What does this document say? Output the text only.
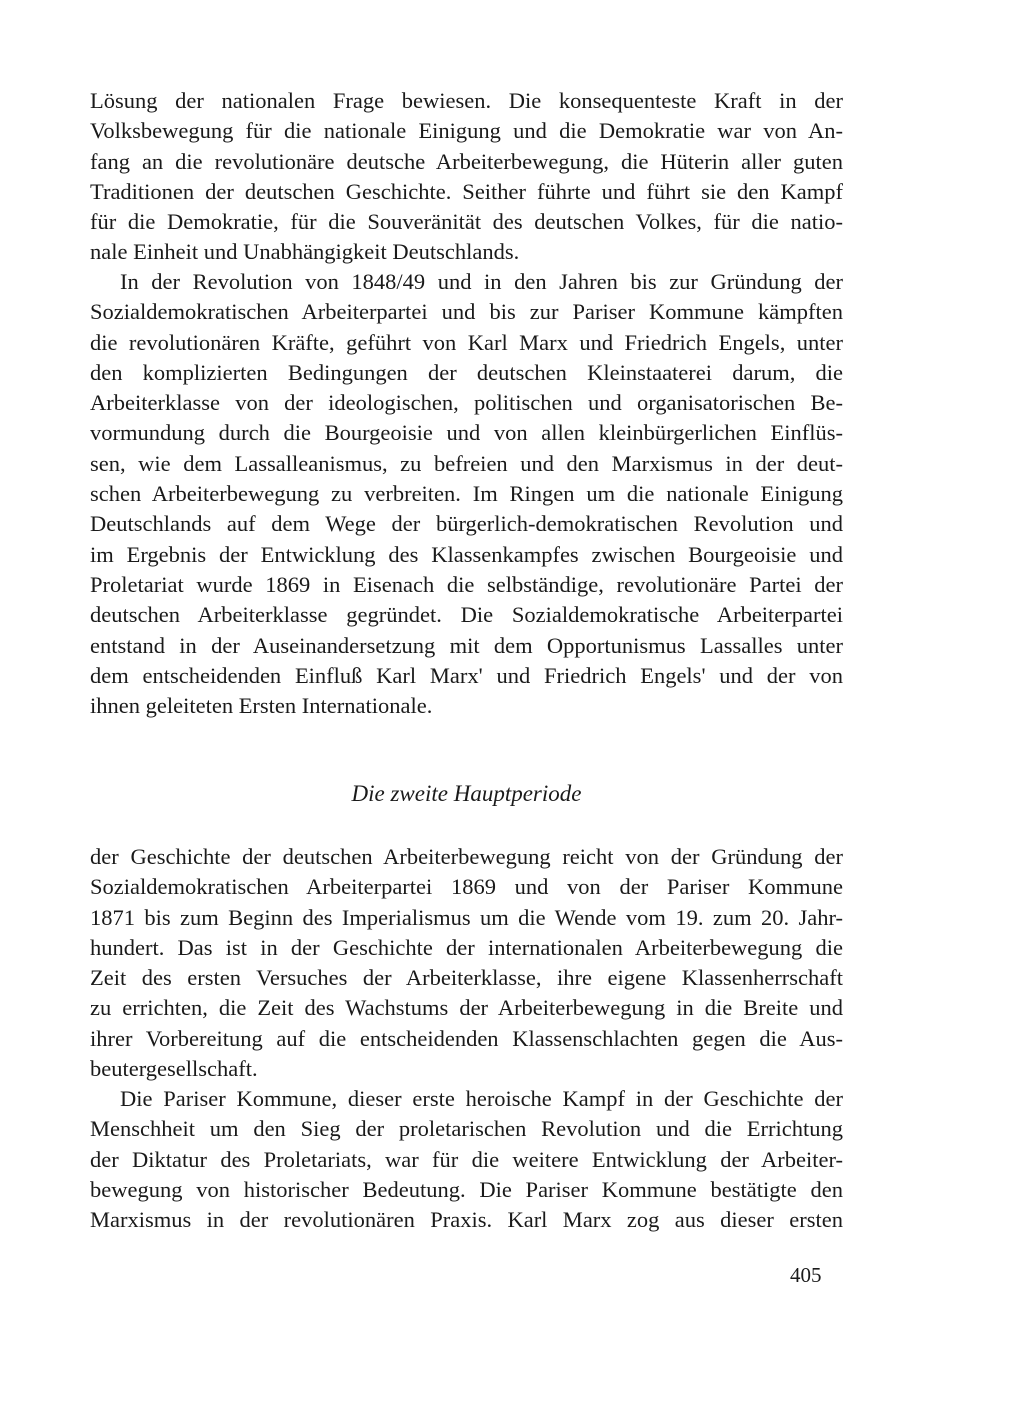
Lösung der nationalen Frage bewiesen. Die konsequenteste Kraft in der
Volksbewegung für die nationale Einigung und die Demokratie war von An-
fang an die revolutionäre deutsche Arbeiterbewegung, die Hüterin aller guten
Traditionen der deutschen Geschichte. Seither führte und führt sie den Kampf
für die Demokratie, für die Souveränität des deutschen Volkes, für die natio-
nale Einheit und Unabhängigkeit Deutschlands.
In der Revolution von 1848/49 und in den Jahren bis zur Gründung der
Sozialdemokratischen Arbeiterpartei und bis zur Pariser Kommune kämpften
die revolutionären Kräfte, geführt von Karl Marx und Friedrich Engels, unter
den komplizierten Bedingungen der deutschen Kleinstaaterei darum, die
Arbeiterklasse von der ideologischen, politischen und organisatorischen Be-
vormundung durch die Bourgeoisie und von allen kleinbürgerlichen Einflüs-
sen, wie dem Lassalleanismus, zu befreien und den Marxismus in der deut-
schen Arbeiterbewegung zu verbreiten. Im Ringen um die nationale Einigung
Deutschlands auf dem Wege der bürgerlich-demokratischen Revolution und
im Ergebnis der Entwicklung des Klassenkampfes zwischen Bourgeoisie und
Proletariat wurde 1869 in Eisenach die selbständige, revolutionäre Partei der
deutschen Arbeiterklasse gegründet. Die Sozialdemokratische Arbeiterpartei
entstand in der Auseinandersetzung mit dem Opportunismus Lassalles unter
dem entscheidenden Einfluß Karl Marx' und Friedrich Engels' und der von
ihnen geleiteten Ersten Internationale.
Die zweite Hauptperiode
der Geschichte der deutschen Arbeiterbewegung reicht von der Gründung der
Sozialdemokratischen Arbeiterpartei 1869 und von der Pariser Kommune
1871 bis zum Beginn des Imperialismus um die Wende vom 19. zum 20. Jahr-
hundert. Das ist in der Geschichte der internationalen Arbeiterbewegung die
Zeit des ersten Versuches der Arbeiterklasse, ihre eigene Klassenherrschaft
zu errichten, die Zeit des Wachstums der Arbeiterbewegung in die Breite und
ihrer Vorbereitung auf die entscheidenden Klassenschlachten gegen die Aus-
beutergesellschaft.
Die Pariser Kommune, dieser erste heroische Kampf in der Geschichte der
Menschheit um den Sieg der proletarischen Revolution und die Errichtung
der Diktatur des Proletariats, war für die weitere Entwicklung der Arbeiter-
bewegung von historischer Bedeutung. Die Pariser Kommune bestätigte den
Marxismus in der revolutionären Praxis. Karl Marx zog aus dieser ersten
405
